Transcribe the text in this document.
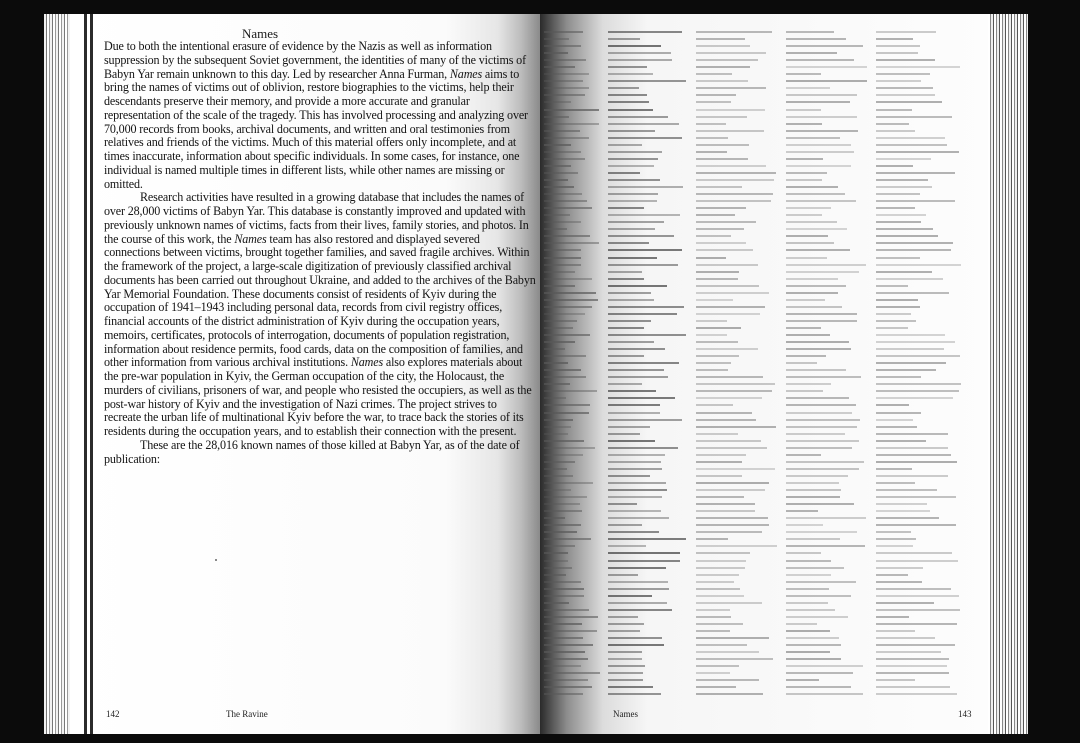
Names

Due to both the intentional erasure of evidence by the Nazis as well as information suppression by the subsequent Soviet government, the identities of many of the victims of Babyn Yar remain unknown to this day. Led by researcher Anna Furman, Names aims to bring the names of victims out of oblivion, restore biographies to the victims, help their descendants preserve their memory, and provide a more accurate and granular representation of the scale of the tragedy. This has involved processing and analyzing over 70,000 records from books, archival documents, and written and oral testimonies from relatives and friends of the victims. Much of this material offers only incomplete, and at times inaccurate, information about specific individuals. In some cases, for instance, one individual is named multiple times in different lists, while other names are missing or omitted.

Research activities have resulted in a growing database that includes the names of over 28,000 victims of Babyn Yar. This database is constantly improved and updated with previously unknown names of victims, facts from their lives, family stories, and photos. In the course of this work, the Names team has also restored and displayed severed connections between victims, brought together families, and saved fragile archives. Within the framework of the project, a large-scale digitization of previously classified archival documents has been carried out throughout Ukraine, and added to the archives of the Babyn Yar Memorial Foundation. These documents consist of residents of Kyiv during the occupation of 1941–1943 including personal data, records from civil registry offices, financial accounts of the district administration of Kyiv during the occupation years, memoirs, certificates, protocols of interrogation, documents of population registration, information about residence permits, food cards, data on the composition of families, and other information from various archival institutions. Names also explores materials about the pre-war population in Kyiv, the German occupation of the city, the Holocaust, the murders of civilians, prisoners of war, and people who resisted the occupiers, as well as the post-war history of Kyiv and the investigation of Nazi crimes. The project strives to recreate the urban life of multinational Kyiv before the war, to trace back the stories of its residents during the occupation years, and to establish their connection with the present.

These are the 28,016 known names of those killed at Babyn Yar, as of the date of publication:

142	The Ravine	Names	143
